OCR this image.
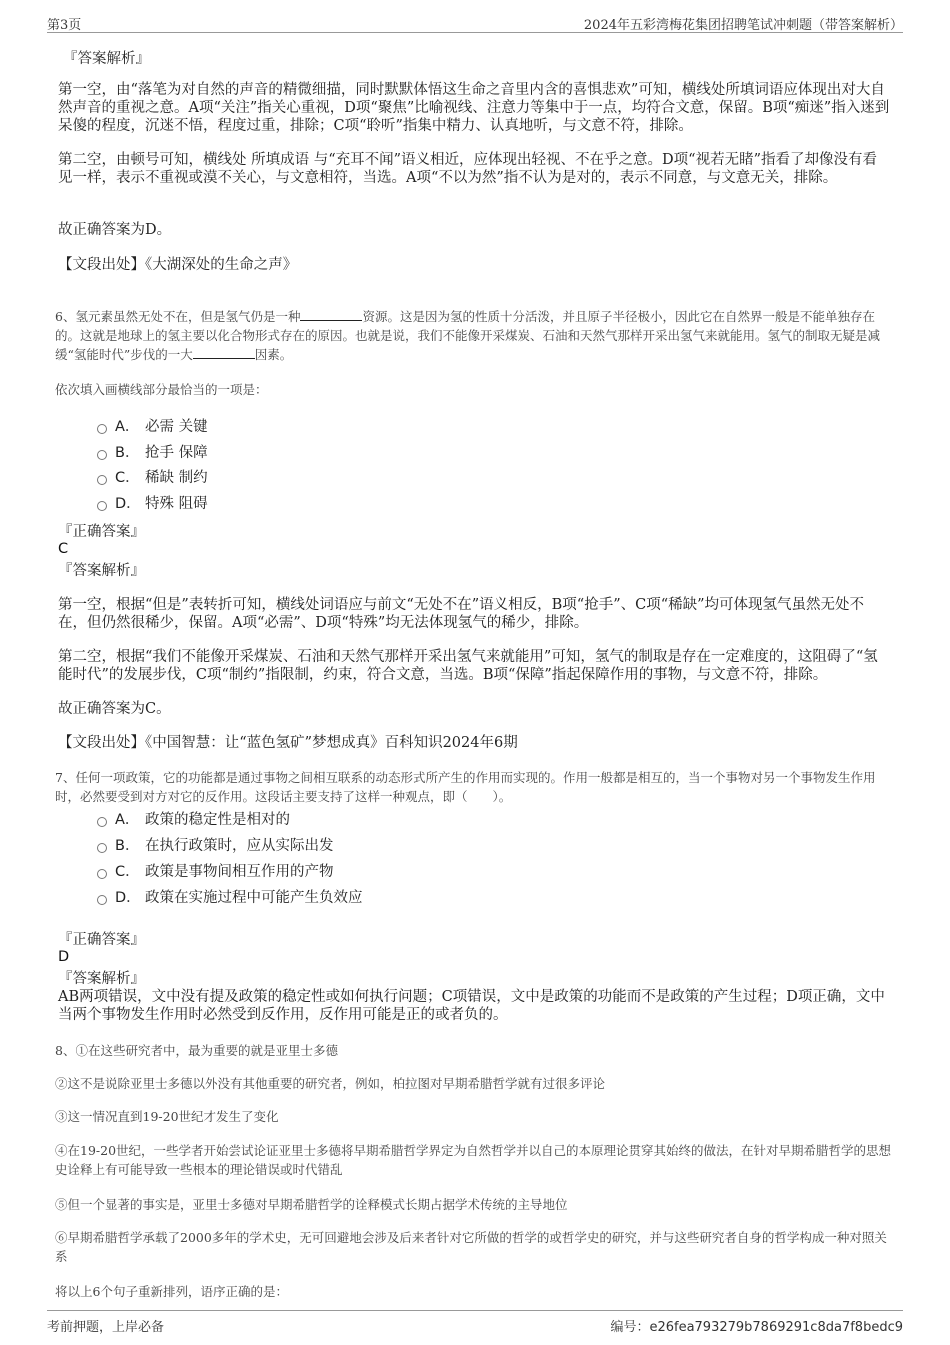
第3页	2024年五彩湾梅花集团招聘笔试冲刺题（带答案解析）
『答案解析』
第一空，由“落笔为对自然的声音的精微细描，同时默默体悟这生命之音里内含的喜惧悲欢”可知，横线处所填词语应体现出对大自然声音的重视之意。A项“关注”指关心重视，D项“聚焦”比喻视线、注意力等集中于一点，均符合文意，保留。B项“痴迷”指入迷到呆傻的程度，沉迷不悟，程度过重，排除；C项“聆听”指集中精力、认真地听，与文意不符，排除。
第二空，由顿号可知，横线处 所填成语 与“充耳不闻”语义相近，应体现出轻视、不在乎之意。D项“视若无睹”指看了却像没有看见一样，表示不重视或漠不关心，与文意相符，当选。A项“不以为然”指不认为是对的，表示不同意，与文意无关，排除。
故正确答案为D。
【文段出处】《大湖深处的生命之声》
6、氢元素虽然无处不在，但是氢气仍是一种	资源。这是因为氢的性质十分活泼，并且原子半径极小，因此它在自然界一般是不能单独存在的。这就是地球上的氢主要以化合物形式存在的原因。也就是说，我们不能像开采煤炭、石油和天然气那样开采出氢气来就能用。氢气的制取无疑是减缓“氢能时代”步伐的一大	因素。
依次填入画横线部分最恰当的一项是：
A． 必需 关键
B． 抢手 保障
C． 稀缺 制约
D． 特殊 阻碍
『正确答案』
C
『答案解析』
第一空，根据“但是”表转折可知，横线处词语应与前文“无处不在”语义相反，B项“抢手”、C项“稀缺”均可体现氢气虽然无处不在，但仍然很稀少，保留。A项“必需”、D项“特殊”均无法体现氢气的稀少，排除。
第二空，根据“我们不能像开采煤炭、石油和天然气那样开采出氢气来就能用”可知，氢气的制取是存在一定难度的，这阻碍了“氢能时代”的发展步伐，C项“制约”指限制，约束，符合文意，当选。B项“保障”指起保障作用的事物，与文意不符，排除。
故正确答案为C。
【文段出处】《中国智慧：让“蓝色氢矿”梦想成真》百科知识2024年6期
7、任何一项政策，它的功能都是通过事物之间相互联系的动态形式所产生的作用而实现的。作用一般都是相互的，当一个事物对另一个事物发生作用时，必然要受到对方对它的反作用。这段话主要支持了这样一种观点，即（　　）。
A． 政策的稳定性是相对的
B． 在执行政策时，应从实际出发
C． 政策是事物间相互作用的产物
D． 政策在实施过程中可能产生负效应
『正确答案』
D
『答案解析』
AB两项错误，文中没有提及政策的稳定性或如何执行问题；C项错误，文中是政策的功能而不是政策的产生过程；D项正确，文中当两个事物发生作用时必然受到反作用，反作用可能是正的或者负的。
8、①在这些研究者中，最为重要的就是亚里士多德
②这不是说除亚里士多德以外没有其他重要的研究者，例如，柏拉图对早期希腊哲学就有过很多评论
③这一情况直到19-20世纪才发生了变化
④在19-20世纪，一些学者开始尝试论证亚里士多德将早期希腊哲学界定为自然哲学并以自己的本原理论贯穿其始终的做法，在针对早期希腊哲学的思想史诠释上有可能导致一些根本的理论错误或时代错乱
⑤但一个显著的事实是，亚里士多德对早期希腊哲学的诠释模式长期占据学术传统的主导地位
⑥早期希腊哲学承载了2000多年的学术史，无可回避地会涉及后来者针对它所做的哲学的或哲学史的研究，并与这些研究者自身的哲学构成一种对照关系
将以上6个句子重新排列，语序正确的是：
考前押题，上岸必备	编号：e26fea793279b7869291c8da7f8bedc9
